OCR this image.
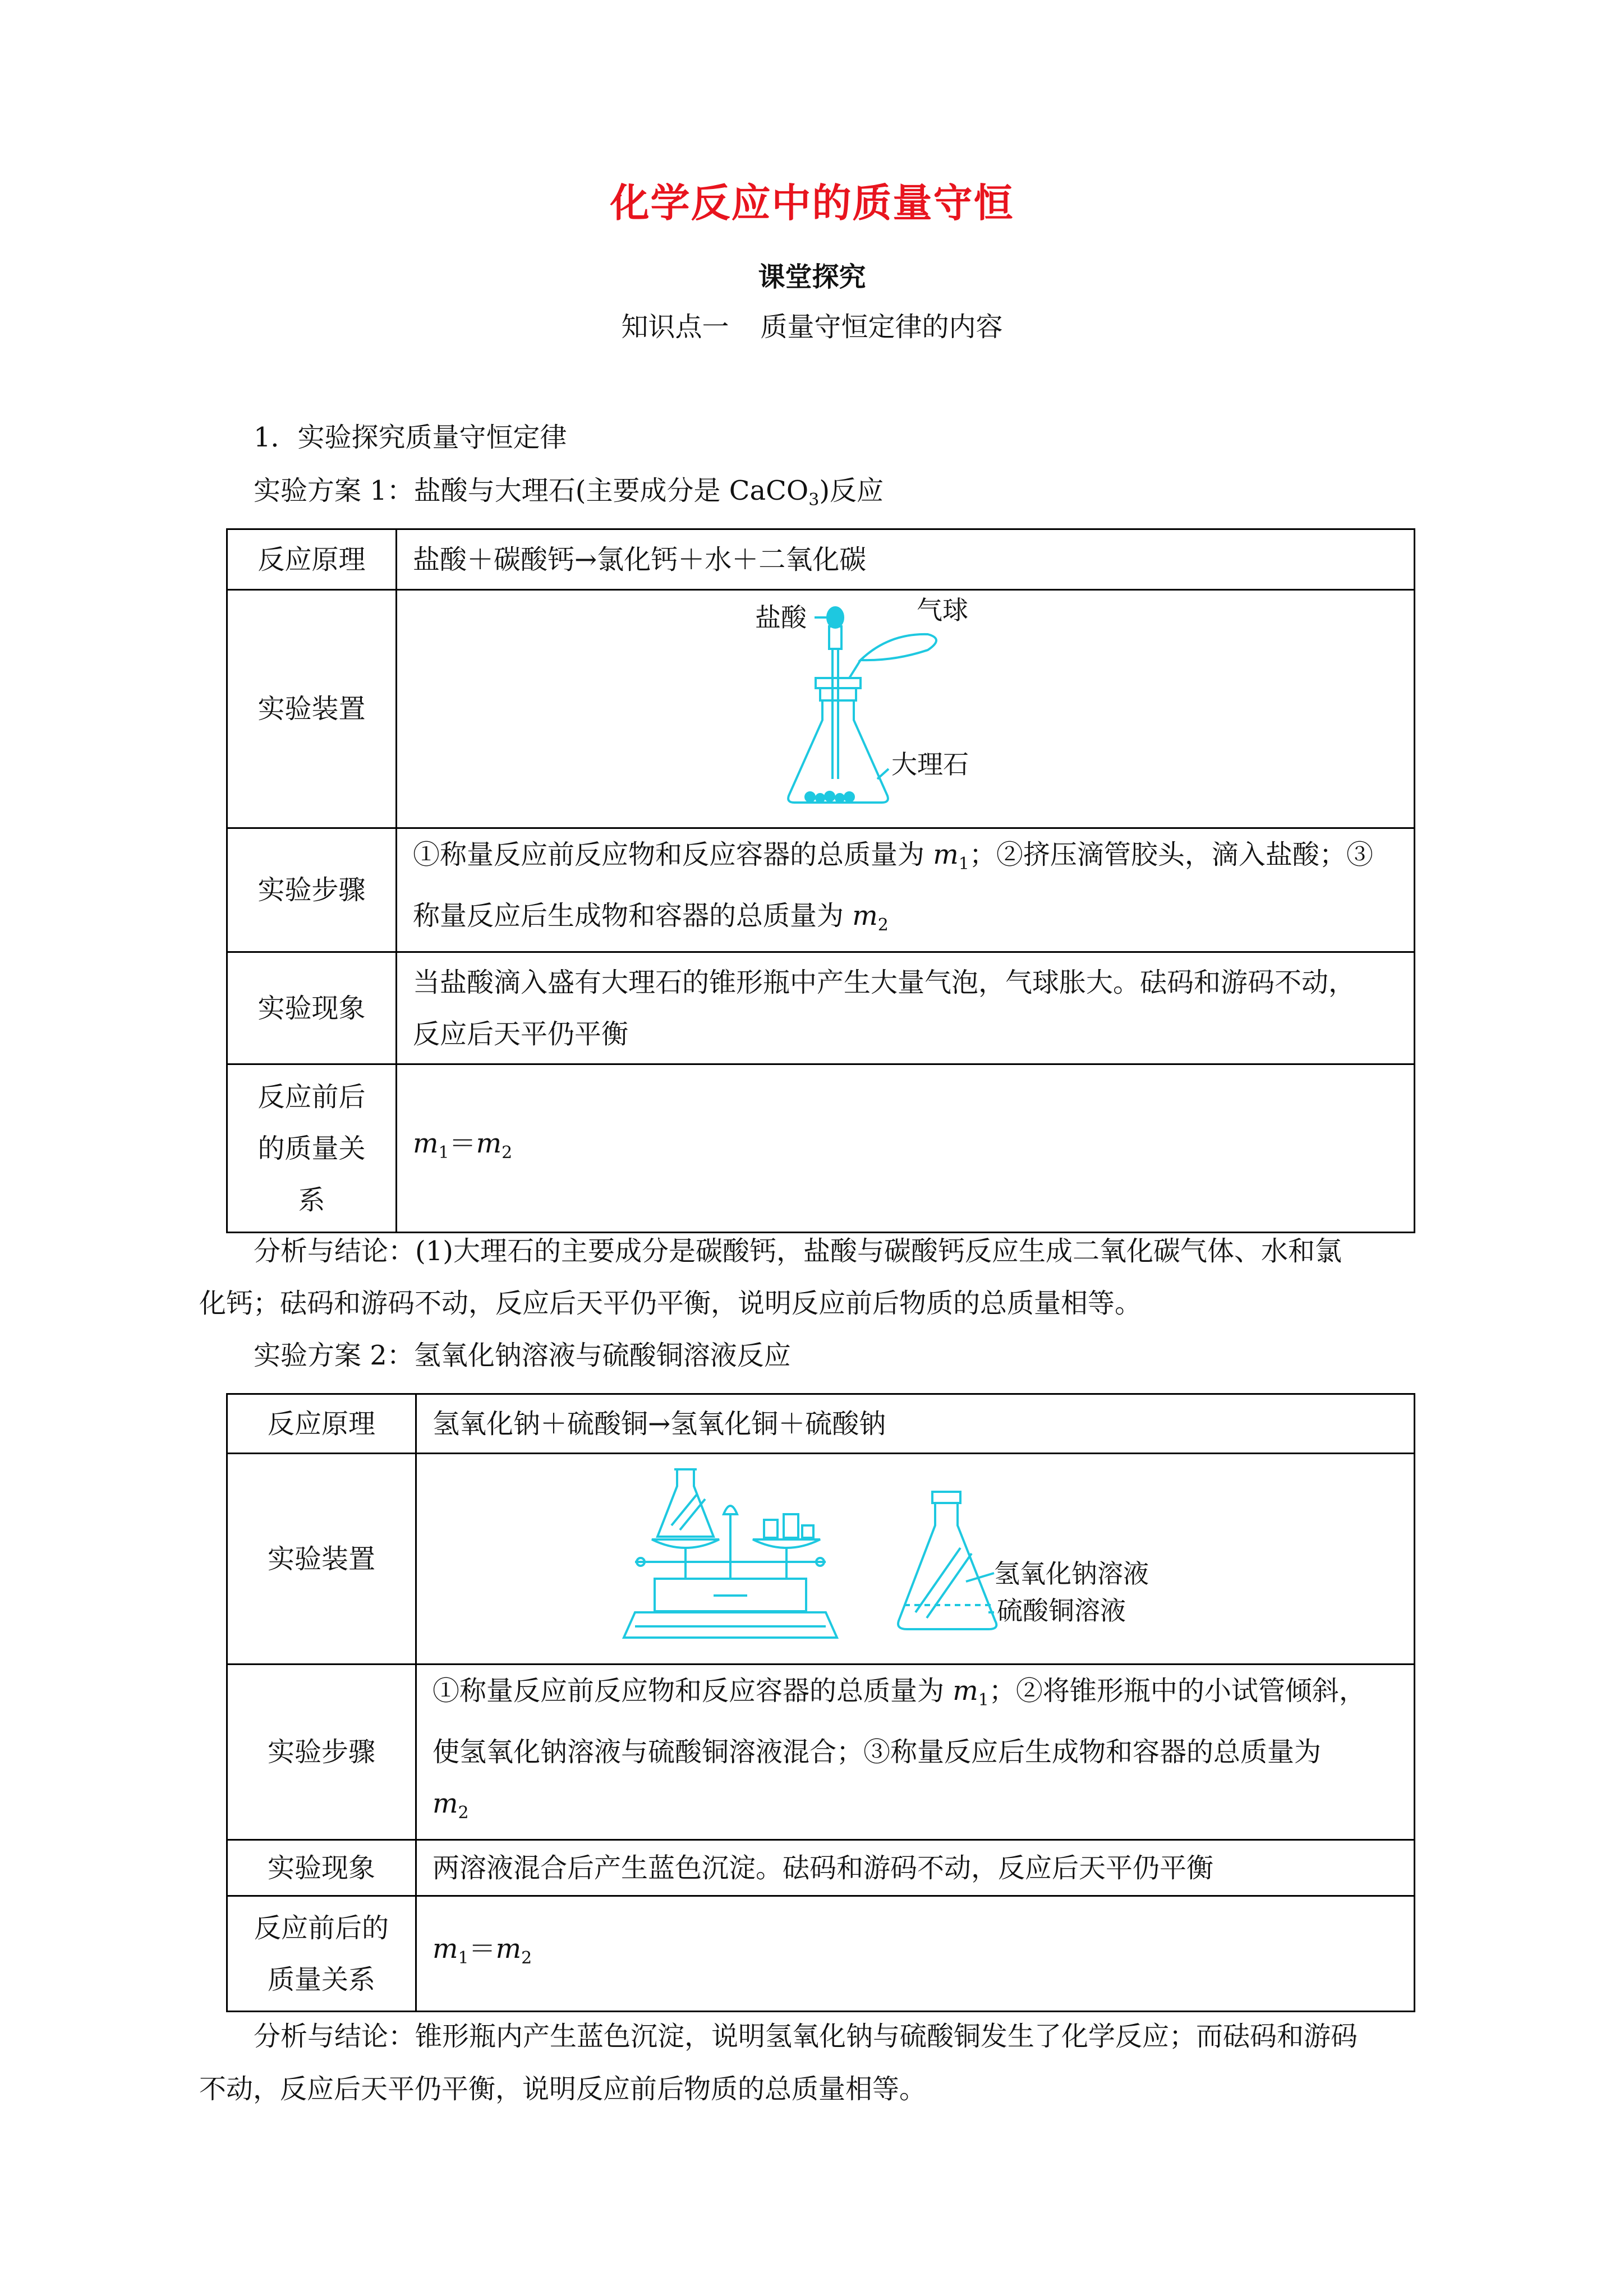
化学反应中的质量守恒
课堂探究
知识点一 质量守恒定律的内容
1．实验探究质量守恒定律
实验方案 1：盐酸与大理石(主要成分是 CaCO$_3$)反应
反应原理	盐酸＋碳酸钙→氯化钙＋水＋二氧化碳
实验装置	盐酸 气球
大理石

实验步骤	①称量反应前反应物和反应容器的总质量为 $m_1$；②挤压滴管胶头，滴入盐酸；③
称量反应后生成物和容器的总质量为 $m_2$

实验现象	当盐酸滴入盛有大理石的锥形瓶中产生大量气泡，气球胀大。砝码和游码不动，
反应后天平仍平衡

反应前后
的质量关
系	$m_1=m_2$
分析与结论：(1)大理石的主要成分是碳酸钙，盐酸与碳酸钙反应生成二氧化碳气体、水和氯
化钙；砝码和游码不动，反应后天平仍平衡，说明反应前后物质的总质量相等。
实验方案 2：氢氧化钠溶液与硫酸铜溶液反应
反应原理	氢氧化钠＋硫酸铜→氢氧化铜＋硫酸钠
实验装置	氢氧化钠溶液
硫酸铜溶液

实验步骤	①称量反应前反应物和反应容器的总质量为 $m_1$；②将锥形瓶中的小试管倾斜，
使氢氧化钠溶液与硫酸铜溶液混合；③称量反应后生成物和容器的总质量为
$m_2$

实验现象	两溶液混合后产生蓝色沉淀。砝码和游码不动，反应后天平仍平衡

反应前后的
质量关系	$m_1=m_2$
分析与结论：锥形瓶内产生蓝色沉淀，说明氢氧化钠与硫酸铜发生了化学反应；而砝码和游码
不动，反应后天平仍平衡，说明反应前后物质的总质量相等。
